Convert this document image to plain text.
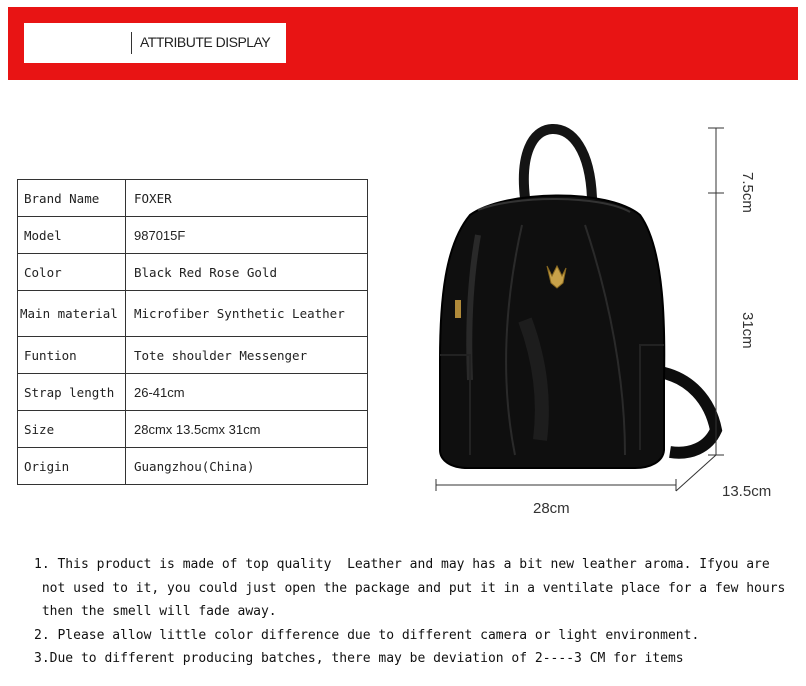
ATTRIBUTE DISPLAY
Brand Name	FOXER
Model	987015F
Color	Black Red Rose Gold
Main material	Microfiber Synthetic Leather
Funtion	Tote shoulder Messenger
Strap length	26-41cm
Size	28cmx 13.5cmx 31cm
Origin	Guangzhou(China)
7.5cm
31cm
28cm
13.5cm

1. This product is made of top quality  Leather and may has a bit new leather aroma. Ifyou are

not used to it, you could just open the package and put it in a ventilate place for a few hours

then the smell will fade away.

2. Please allow little color difference due to different camera or light environment.

3.Due to different producing batches, there may be deviation of 2----3 CM for items
